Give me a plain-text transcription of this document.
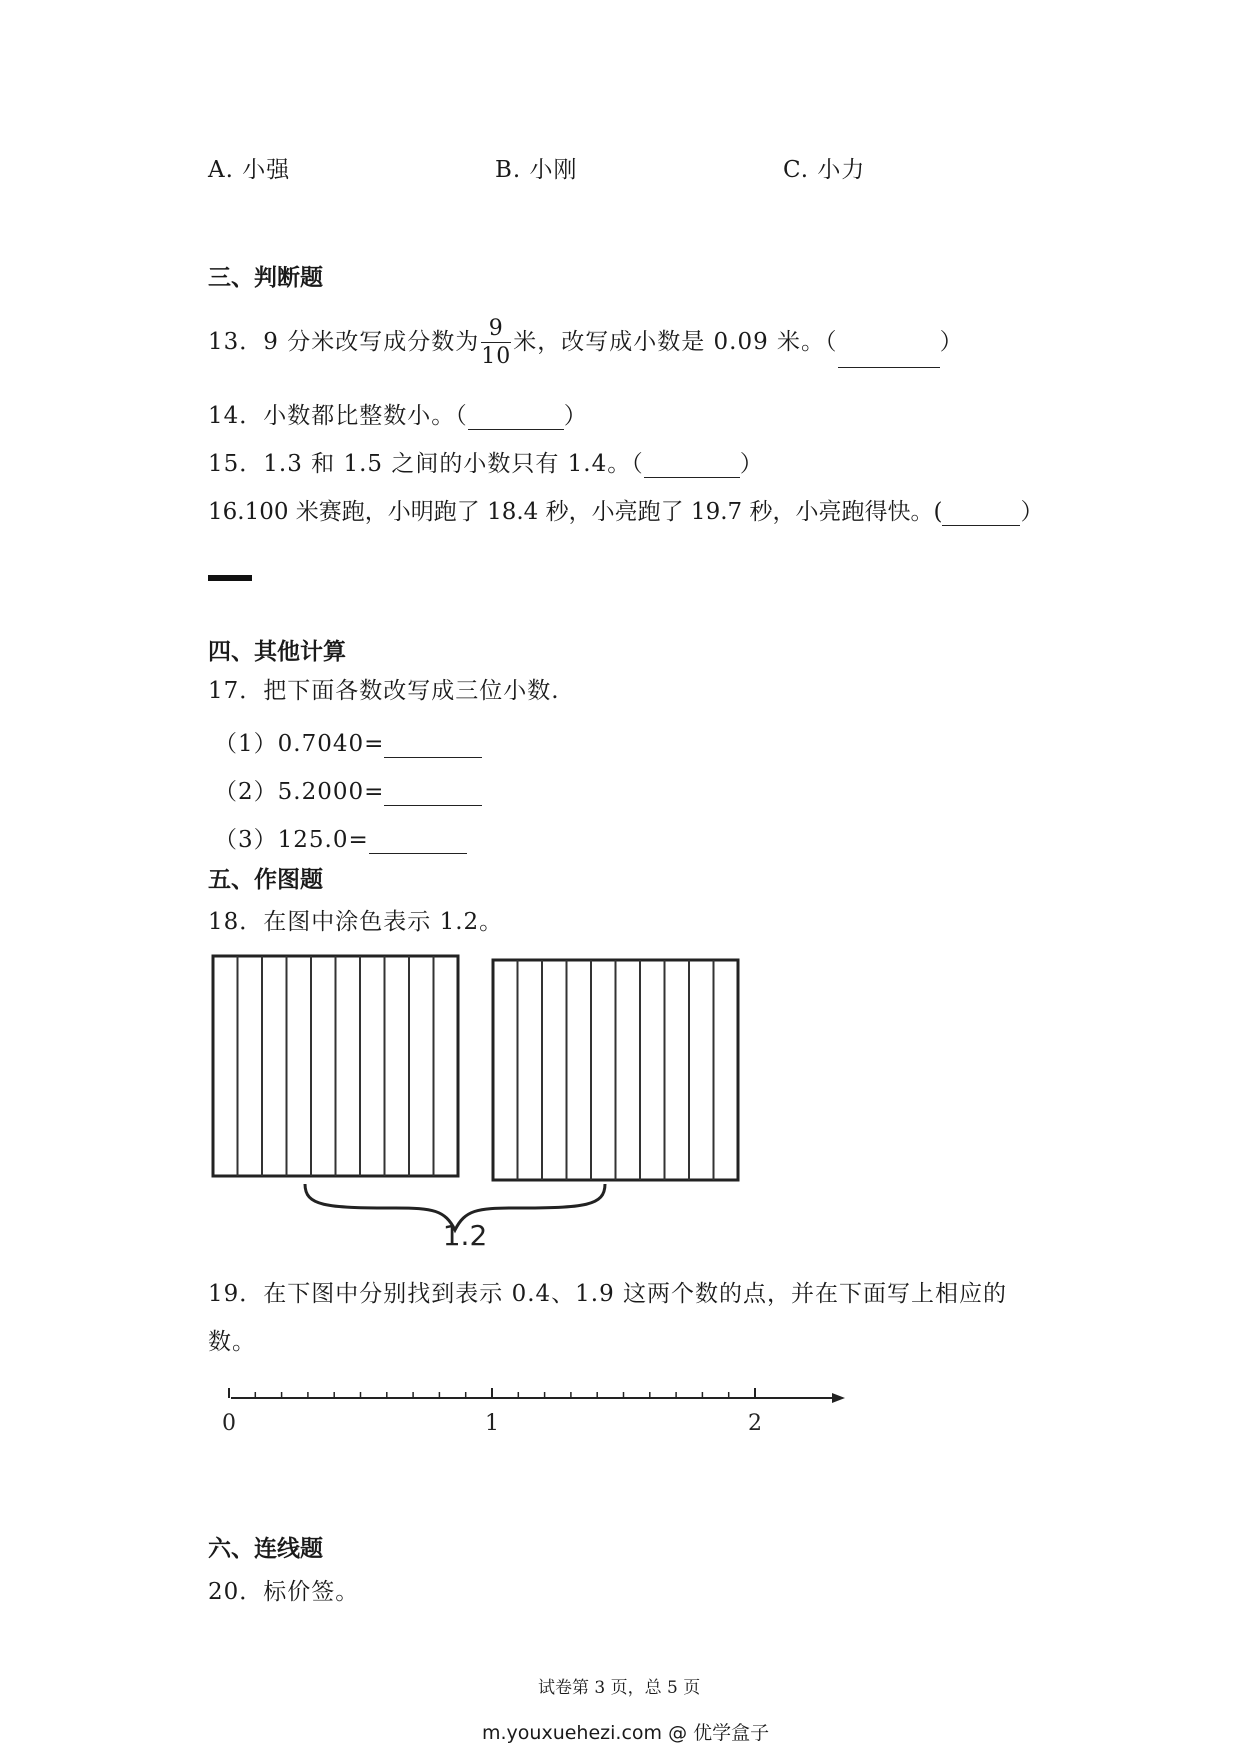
A. 小强	B. 小刚	C. 小力
三、判断题
13．9 分米改写成分数为 $\frac{9}{10}$ 米，改写成小数是 0.09 米。（	）
14．小数都比整数小。（	）
15．1.3 和 1.5 之间的小数只有 1.4。（	）
16.100 米赛跑，小明跑了 18.4 秒，小亮跑了 19.7 秒，小亮跑得快。(	）
四、其他计算
17．把下面各数改写成三位小数.
（1）0.7040=
（2）5.2000=
（3）125.0=
五、作图题
18．在图中涂色表示 1.2。
1.2
19．在下图中分别找到表示 0.4、1.9 这两个数的点，并在下面写上相应的
数。
0	1	2
六、连线题
20．标价签。
试卷第 3 页，总 5 页
m.youxuehezi.com @ 优学盒子
